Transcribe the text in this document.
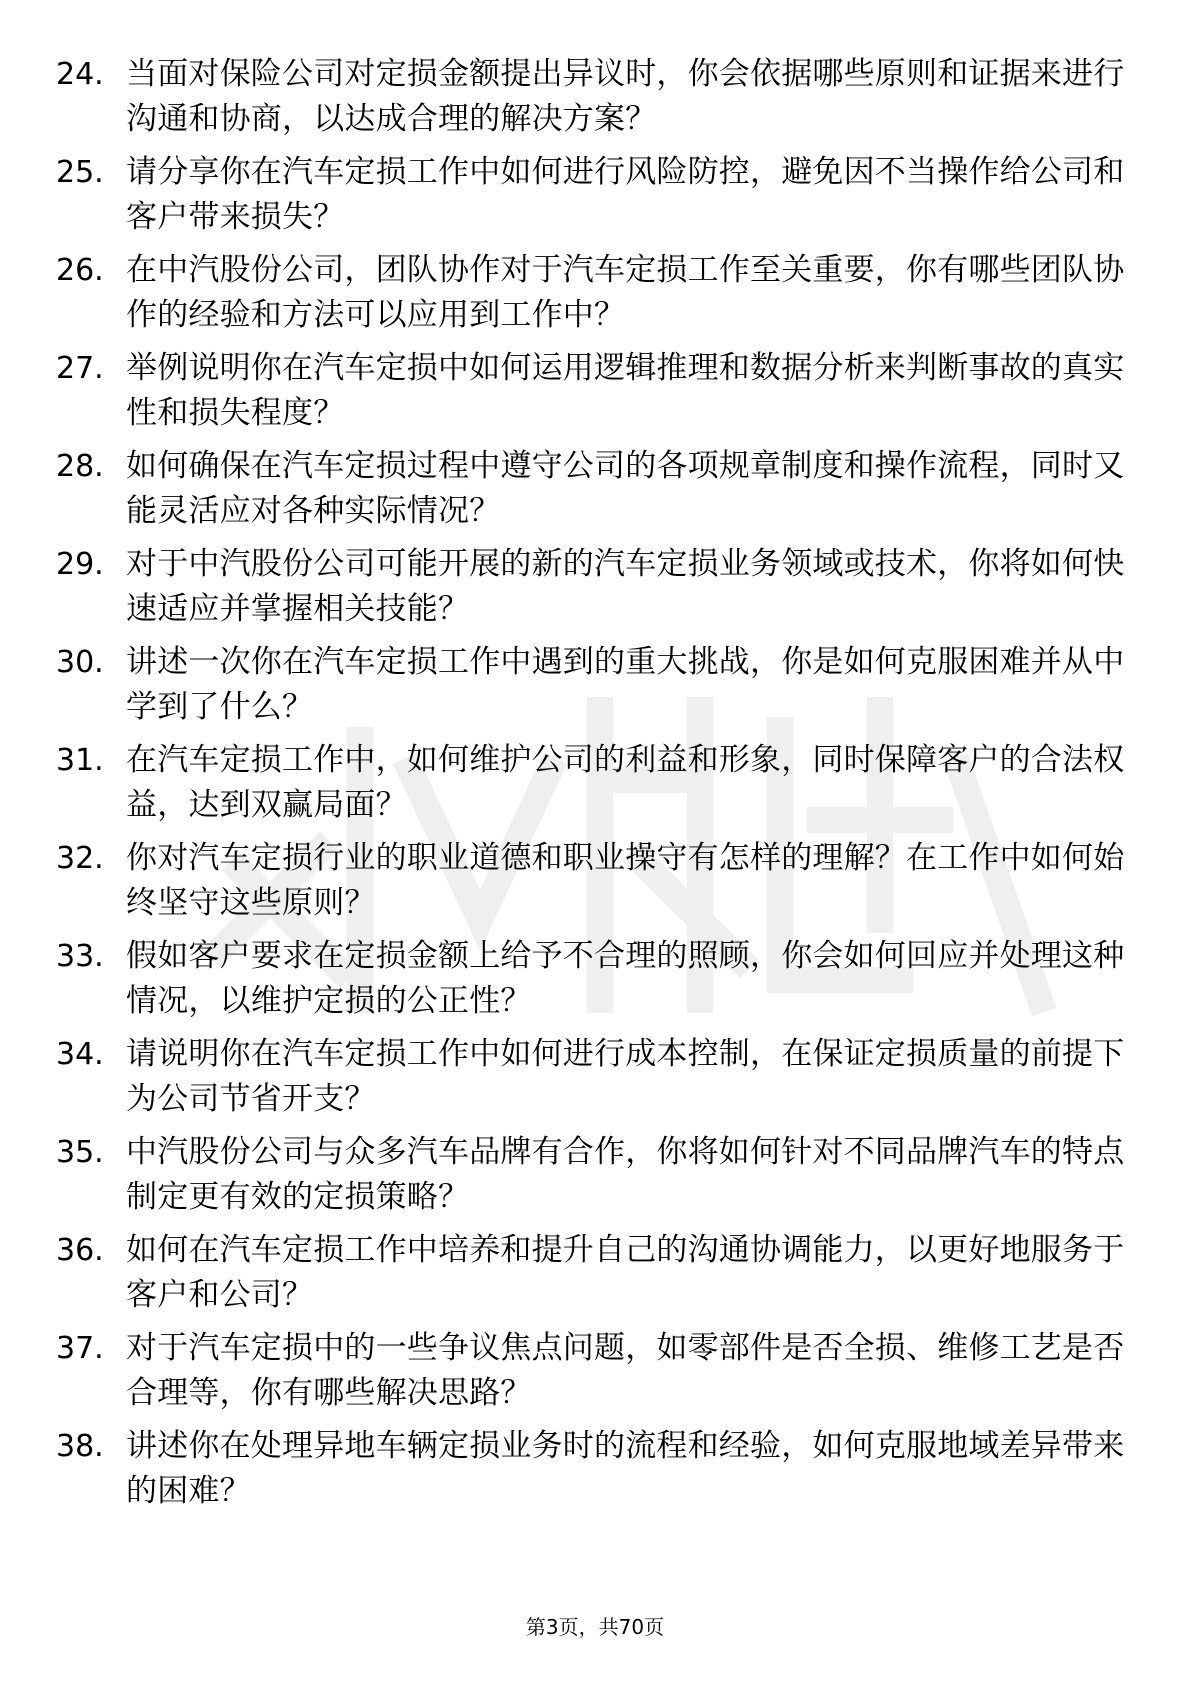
24. 当面对保险公司对定损金额提出异议时，你会依据哪些原则和证据来进行沟通和协商，以达成合理的解决方案？
25. 请分享你在汽车定损工作中如何进行风险防控，避免因不当操作给公司和客户带来损失？
26. 在中汽股份公司，团队协作对于汽车定损工作至关重要，你有哪些团队协作的经验和方法可以应用到工作中？
27. 举例说明你在汽车定损中如何运用逻辑推理和数据分析来判断事故的真实性和损失程度？
28. 如何确保在汽车定损过程中遵守公司的各项规章制度和操作流程，同时又能灵活应对各种实际情况？
29. 对于中汽股份公司可能开展的新的汽车定损业务领域或技术，你将如何快速适应并掌握相关技能？
30. 讲述一次你在汽车定损工作中遇到的重大挑战，你是如何克服困难并从中学到了什么？
31. 在汽车定损工作中，如何维护公司的利益和形象，同时保障客户的合法权益，达到双赢局面？
32. 你对汽车定损行业的职业道德和职业操守有怎样的理解？在工作中如何始终坚守这些原则？
33. 假如客户要求在定损金额上给予不合理的照顾，你会如何回应并处理这种情况，以维护定损的公正性？
34. 请说明你在汽车定损工作中如何进行成本控制，在保证定损质量的前提下为公司节省开支？
35. 中汽股份公司与众多汽车品牌有合作，你将如何针对不同品牌汽车的特点制定更有效的定损策略？
36. 如何在汽车定损工作中培养和提升自己的沟通协调能力，以更好地服务于客户和公司？
37. 对于汽车定损中的一些争议焦点问题，如零部件是否全损、维修工艺是否合理等，你有哪些解决思路？
38. 讲述你在处理异地车辆定损业务时的流程和经验，如何克服地域差异带来的困难？
第3页，共70页
